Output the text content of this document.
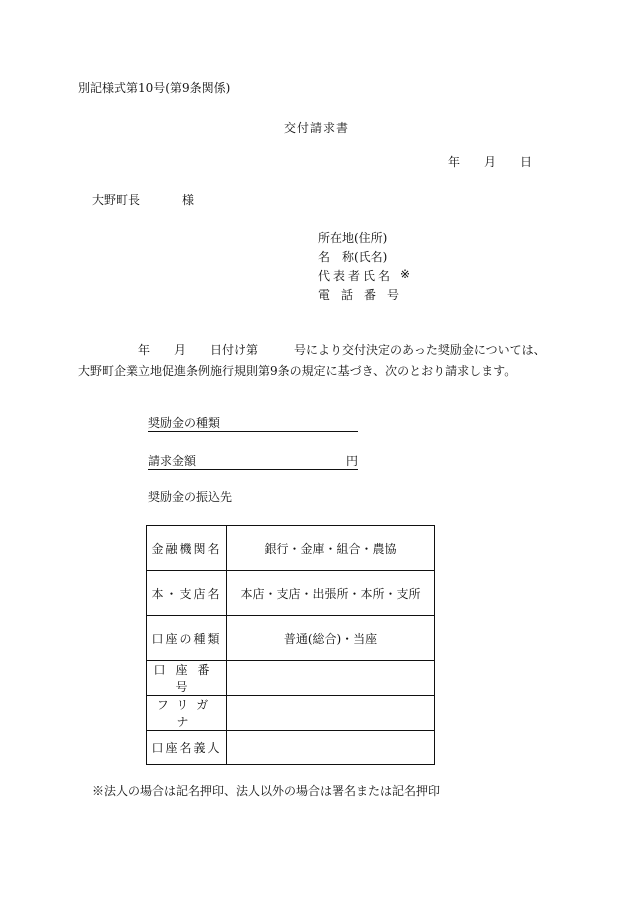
別記様式第10号(第9条関係)
交付請求書
年 月 日
大野町長	様
所在地(住所)
名　称(氏名)
代表者氏名 ※
電話番号
　　　　　年　　月　　日付け第　　　号により交付決定のあった奨励金については、大野町企業立地促進条例施行規則第9条の規定に基づき、次のとおり請求します。
奨励金の種類
請求金額	円
奨励金の振込先
金融機関名	銀行・金庫・組合・農協
本・支店名	本店・支店・出張所・本所・支所
口座の種類	普通(総合)・当座
口座番号	
フリガナ	
口座名義人	
※法人の場合は記名押印、法人以外の場合は署名または記名押印
